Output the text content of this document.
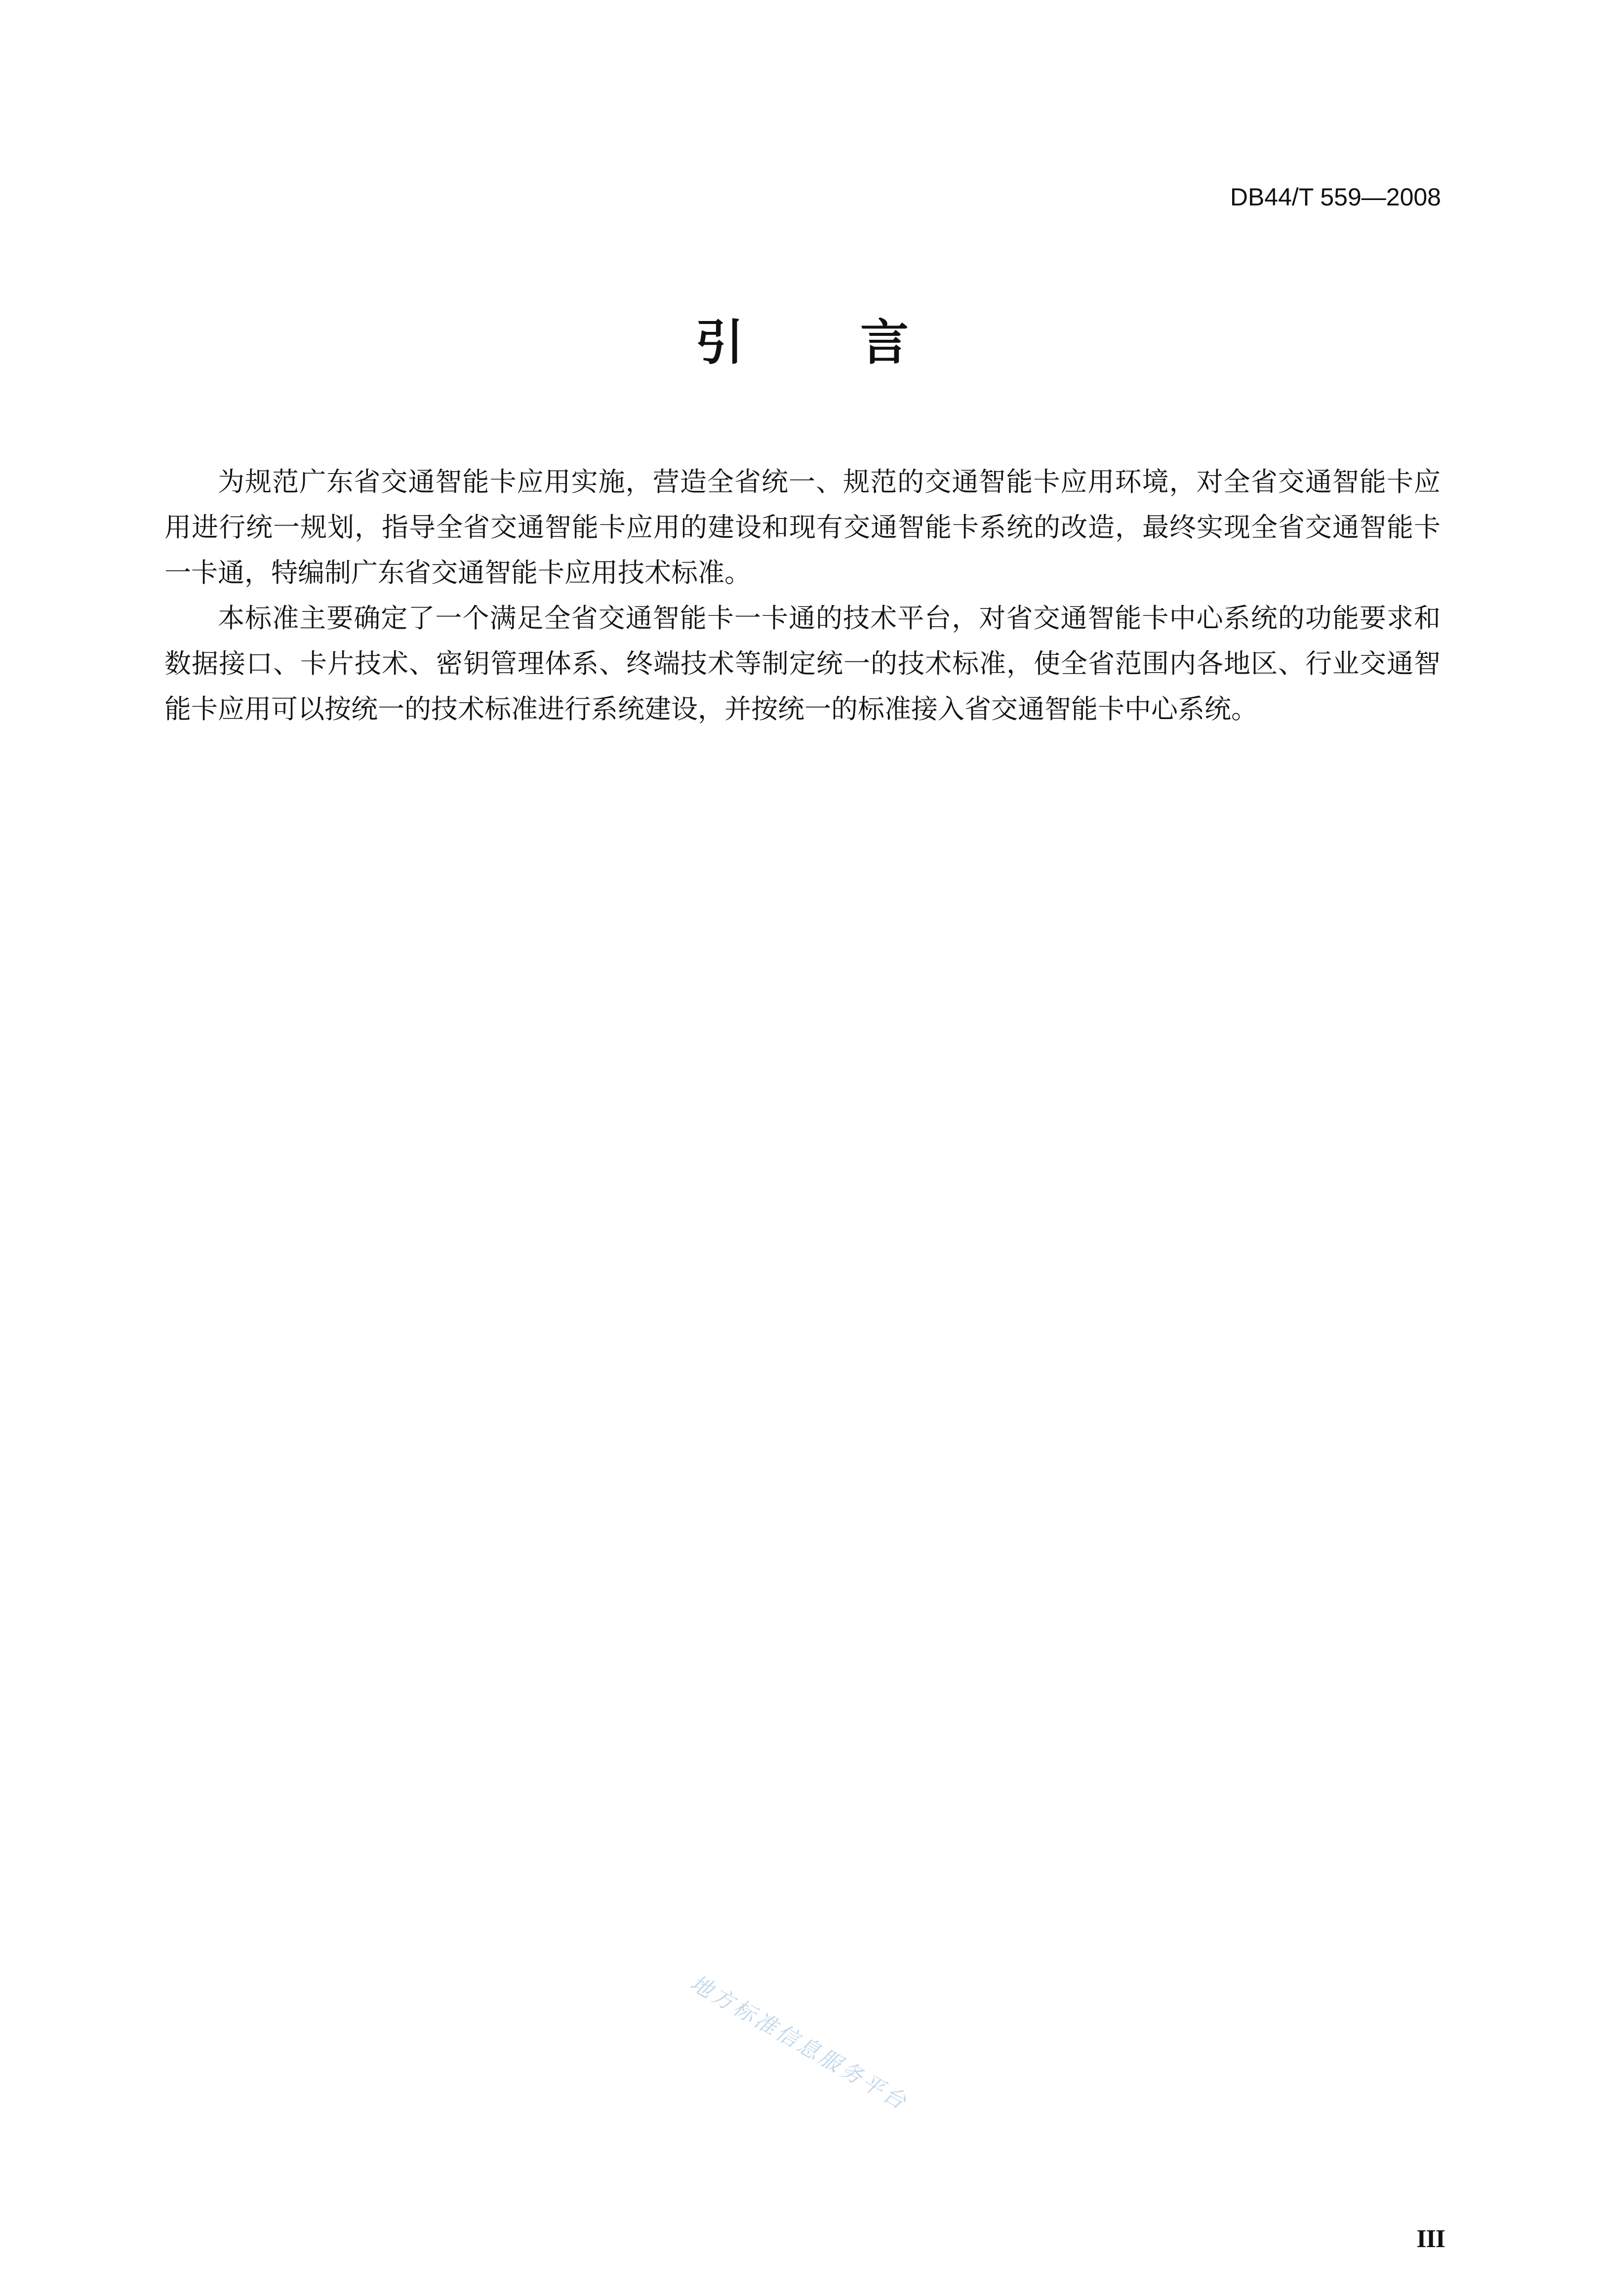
DB44/T 559—2008
引言

为规范广东省交通智能卡应用实施，营造全省统一、规范的交通智能卡应用环境，对全省交通智能卡应用进行统一规划，指导全省交通智能卡应用的建设和现有交通智能卡系统的改造，最终实现全省交通智能卡一卡通，特编制广东省交通智能卡应用技术标准。

本标准主要确定了一个满足全省交通智能卡一卡通的技术平台，对省交通智能卡中心系统的功能要求和数据接口、卡片技术、密钥管理体系、终端技术等制定统一的技术标准，使全省范围内各地区、行业交通智能卡应用可以按统一的技术标准进行系统建设，并按统一的标准接入省交通智能卡中心系统。

地方标准信息服务平台
III
